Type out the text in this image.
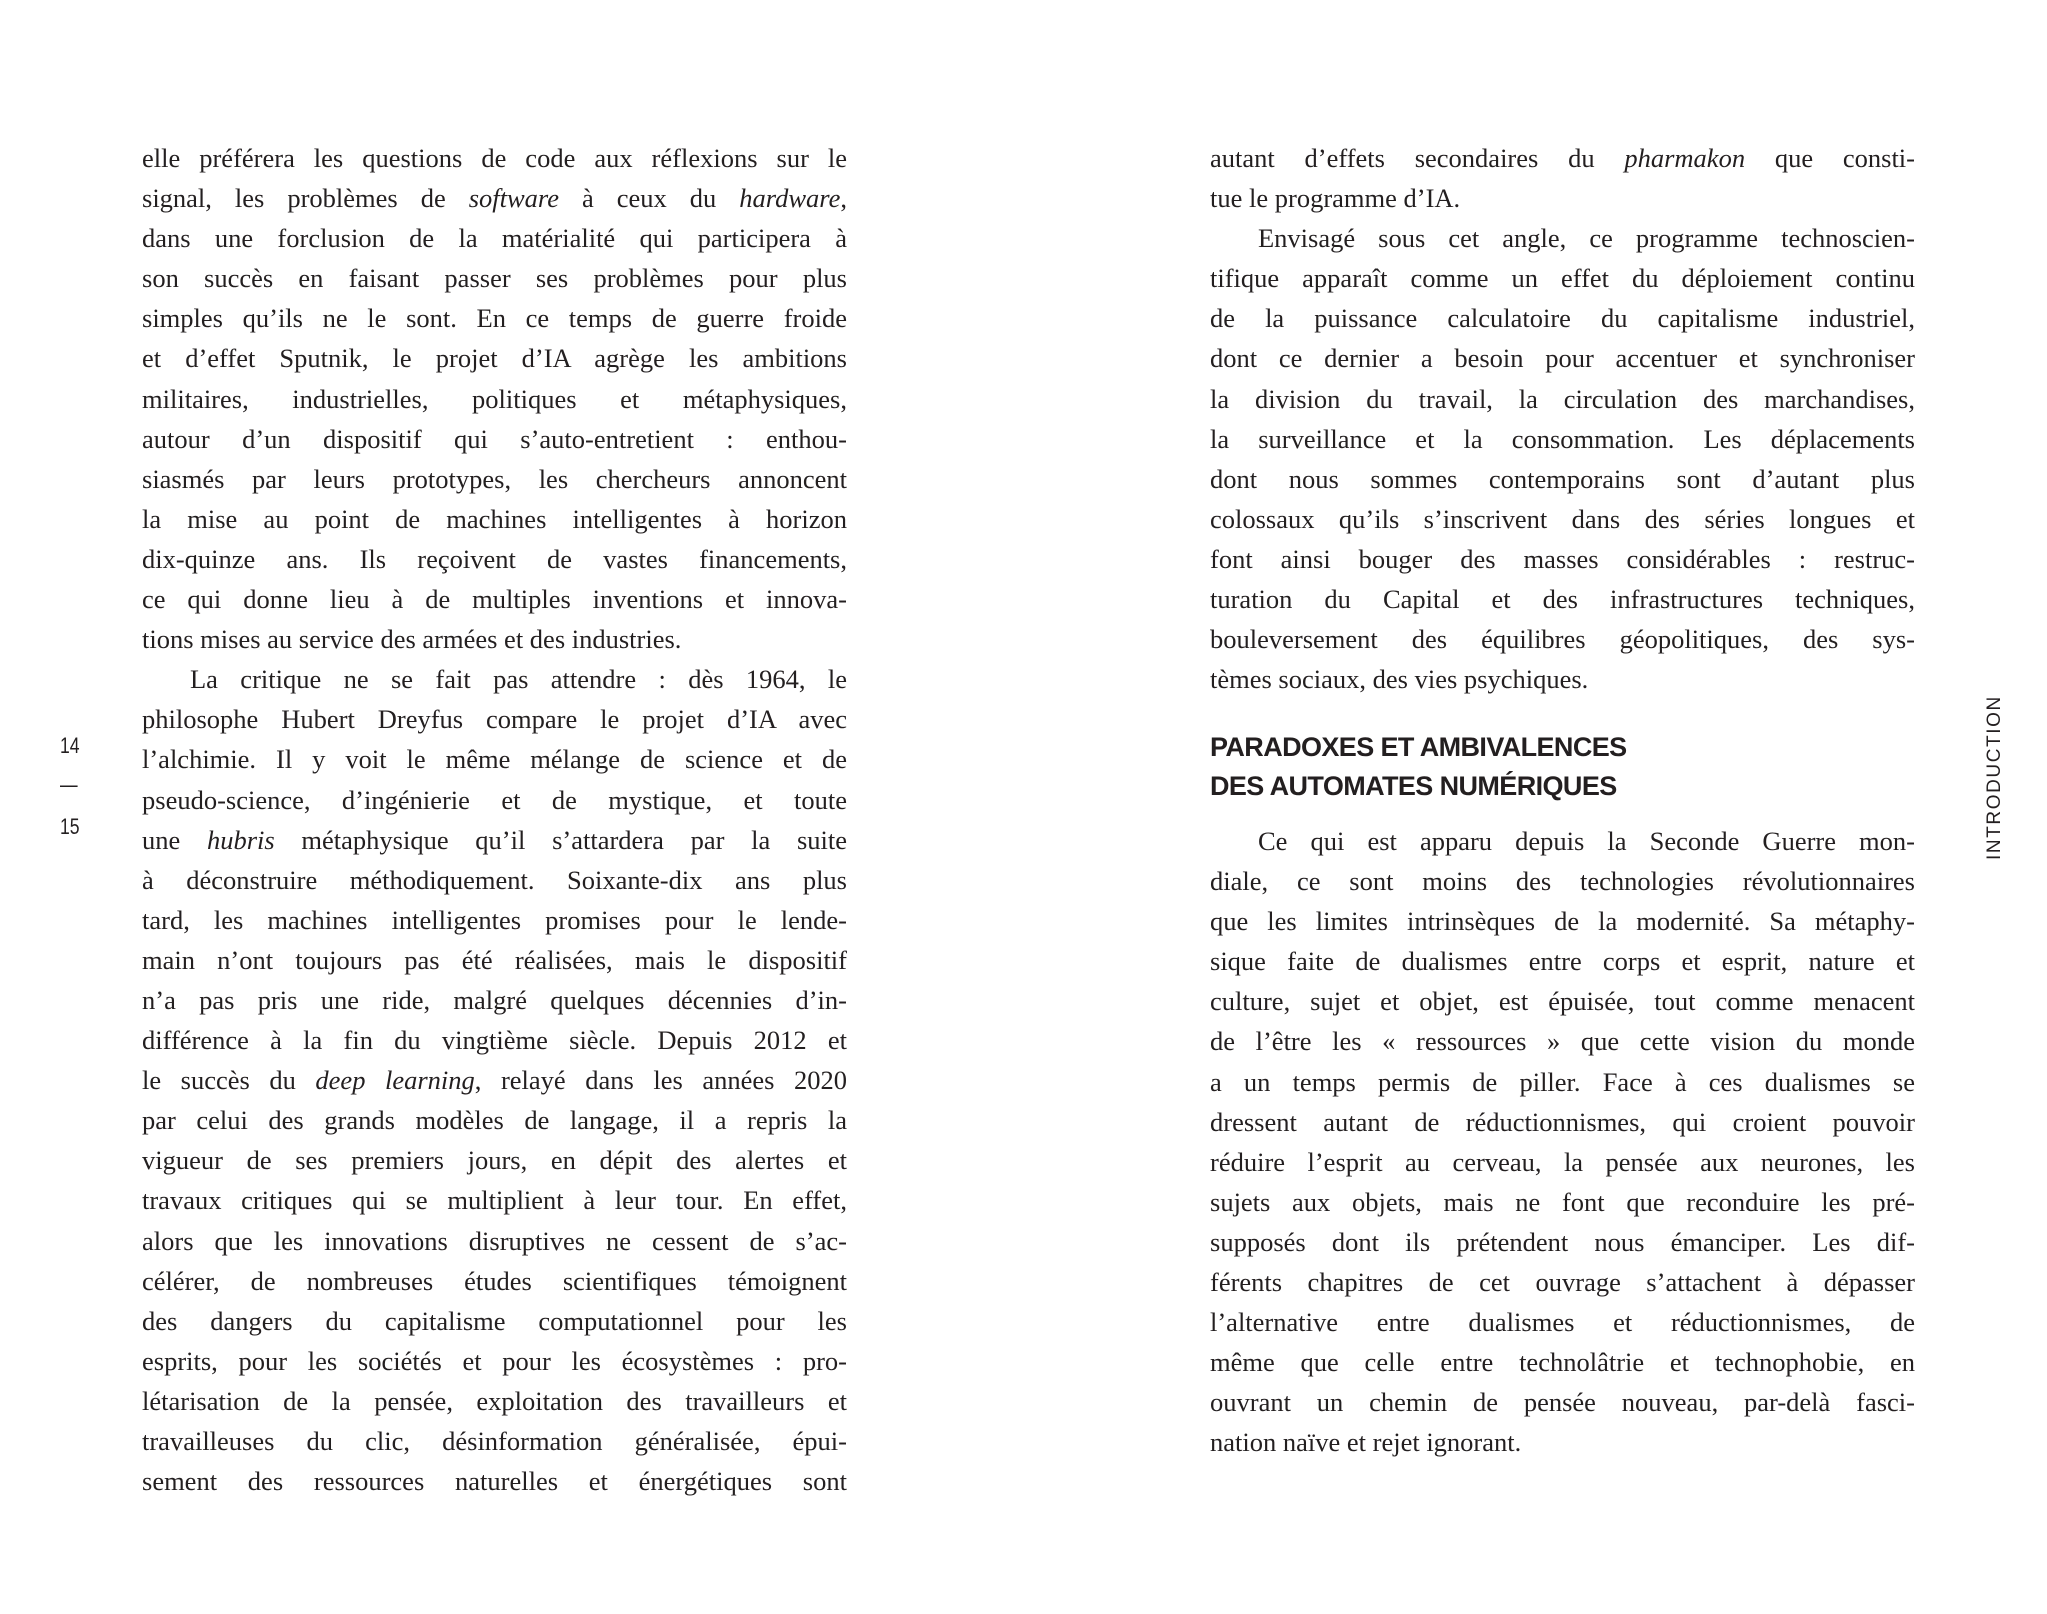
14
—
15
elle préférera les questions de code aux réflexions sur le
signal, les problèmes de software à ceux du hardware,
dans une forclusion de la matérialité qui participera à
son succès en faisant passer ses problèmes pour plus
simples qu’ils ne le sont. En ce temps de guerre froide
et d’effet Sputnik, le projet d’IA agrège les ambitions
militaires, industrielles, politiques et métaphysiques,
autour d’un dispositif qui s’auto-entretient : enthou-
siasmés par leurs prototypes, les chercheurs annoncent
la mise au point de machines intelligentes à horizon
dix-quinze ans. Ils reçoivent de vastes financements,
ce qui donne lieu à de multiples inventions et innova-
tions mises au service des armées et des industries.
La critique ne se fait pas attendre : dès 1964, le
philosophe Hubert Dreyfus compare le projet d’IA avec
l’alchimie. Il y voit le même mélange de science et de
pseudo-science, d’ingénierie et de mystique, et toute
une hubris métaphysique qu’il s’attardera par la suite
à déconstruire méthodiquement. Soixante-dix ans plus
tard, les machines intelligentes promises pour le lende-
main n’ont toujours pas été réalisées, mais le dispositif
n’a pas pris une ride, malgré quelques décennies d’in-
différence à la fin du vingtième siècle. Depuis 2012 et
le succès du deep learning, relayé dans les années 2020
par celui des grands modèles de langage, il a repris la
vigueur de ses premiers jours, en dépit des alertes et
travaux critiques qui se multiplient à leur tour. En effet,
alors que les innovations disruptives ne cessent de s’ac-
célérer, de nombreuses études scientifiques témoignent
des dangers du capitalisme computationnel pour les
esprits, pour les sociétés et pour les écosystèmes : pro-
létarisation de la pensée, exploitation des travailleurs et
travailleuses du clic, désinformation généralisée, épui-
sement des ressources naturelles et énergétiques sont
autant d’effets secondaires du pharmakon que consti-
tue le programme d’IA.
Envisagé sous cet angle, ce programme technoscien-
tifique apparaît comme un effet du déploiement continu
de la puissance calculatoire du capitalisme industriel,
dont ce dernier a besoin pour accentuer et synchroniser
la division du travail, la circulation des marchandises,
la surveillance et la consommation. Les déplacements
dont nous sommes contemporains sont d’autant plus
colossaux qu’ils s’inscrivent dans des séries longues et
font ainsi bouger des masses considérables : restruc-
turation du Capital et des infrastructures techniques,
bouleversement des équilibres géopolitiques, des sys-
tèmes sociaux, des vies psychiques.
PARADOXES ET AMBIVALENCES
DES AUTOMATES NUMÉRIQUES
Ce qui est apparu depuis la Seconde Guerre mon-
diale, ce sont moins des technologies révolutionnaires
que les limites intrinsèques de la modernité. Sa métaphy-
sique faite de dualismes entre corps et esprit, nature et
culture, sujet et objet, est épuisée, tout comme menacent
de l’être les « ressources » que cette vision du monde
a un temps permis de piller. Face à ces dualismes se
dressent autant de réductionnismes, qui croient pouvoir
réduire l’esprit au cerveau, la pensée aux neurones, les
sujets aux objets, mais ne font que reconduire les pré-
supposés dont ils prétendent nous émanciper. Les dif-
férents chapitres de cet ouvrage s’attachent à dépasser
l’alternative entre dualismes et réductionnismes, de
même que celle entre technolâtrie et technophobie, en
ouvrant un chemin de pensée nouveau, par-delà fasci-
nation naïve et rejet ignorant.
INTRODUCTION
